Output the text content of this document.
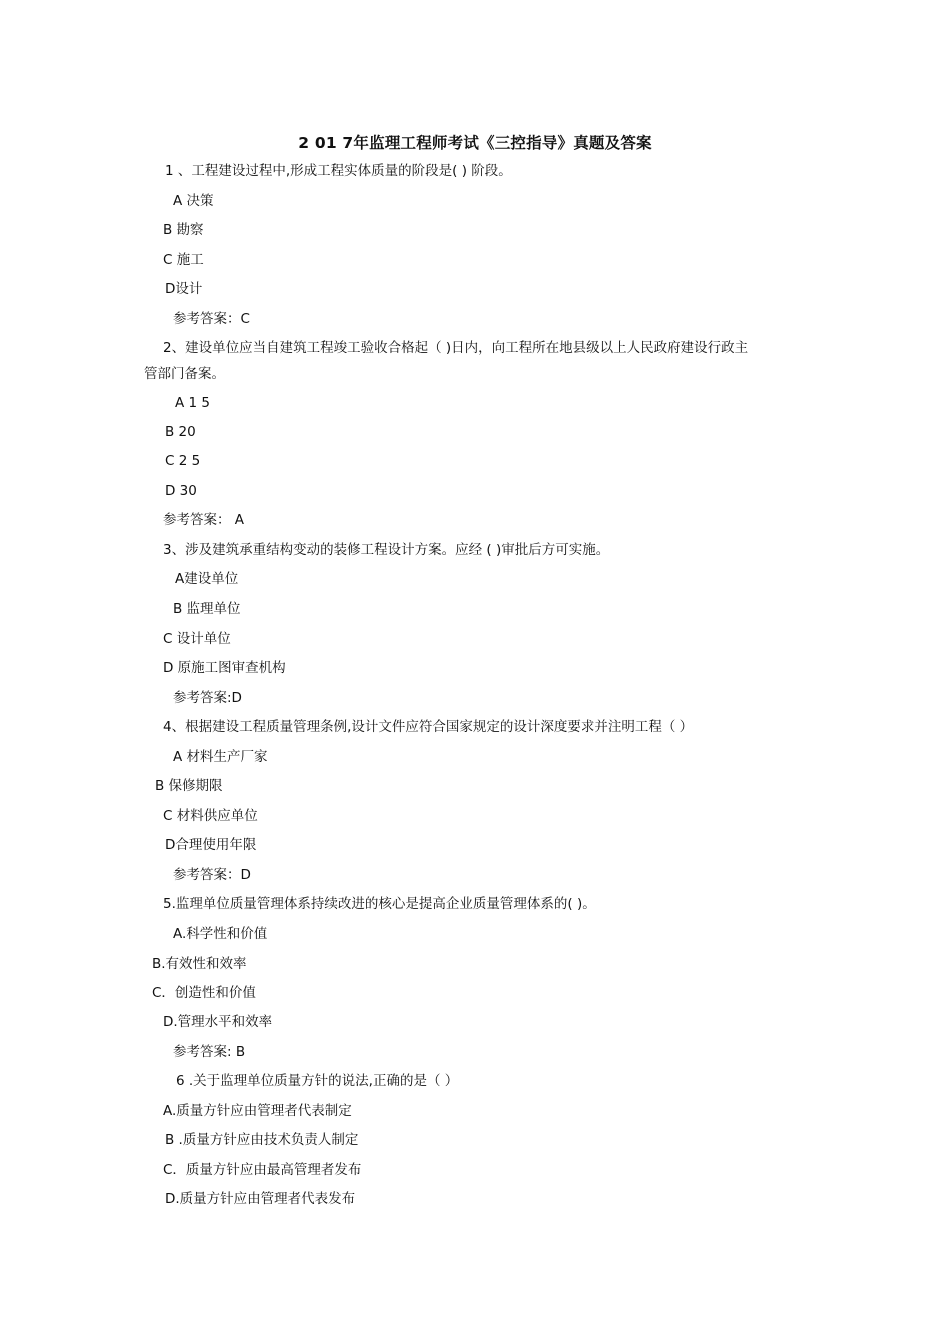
2 01 7年监理工程师考试《三控指导》真题及答案
1 、工程建设过程中,形成工程实体质量的阶段是( ) 阶段。
A 决策
B 勘察
C 施工
D设计
参考答案：C
2、建设单位应当自建筑工程竣工验收合格起（ )日内，向工程所在地县级以上人民政府建设行政主
管部门备案。
A 1 5
B 20
C 2 5
D 30
参考答案： A
3、涉及建筑承重结构变动的装修工程设计方案。应经 ( )审批后方可实施。
A建设单位
B 监理单位
C 设计单位
D 原施工图审查机构
参考答案:D
4、根据建设工程质量管理条例,设计文件应符合国家规定的设计深度要求并注明工程（ ）
A 材料生产厂家
B 保修期限
C 材料供应单位
D合理使用年限
参考答案：D
5.监理单位质量管理体系持续改进的核心是提高企业质量管理体系的( )。
A.科学性和价值
B.有效性和效率
C．创造性和价值
D.管理水平和效率
参考答案: B
6 .关于监理单位质量方针的说法,正确的是（ ）
A.质量方针应由管理者代表制定
B .质量方针应由技术负责人制定
C．质量方针应由最高管理者发布
D.质量方针应由管理者代表发布
